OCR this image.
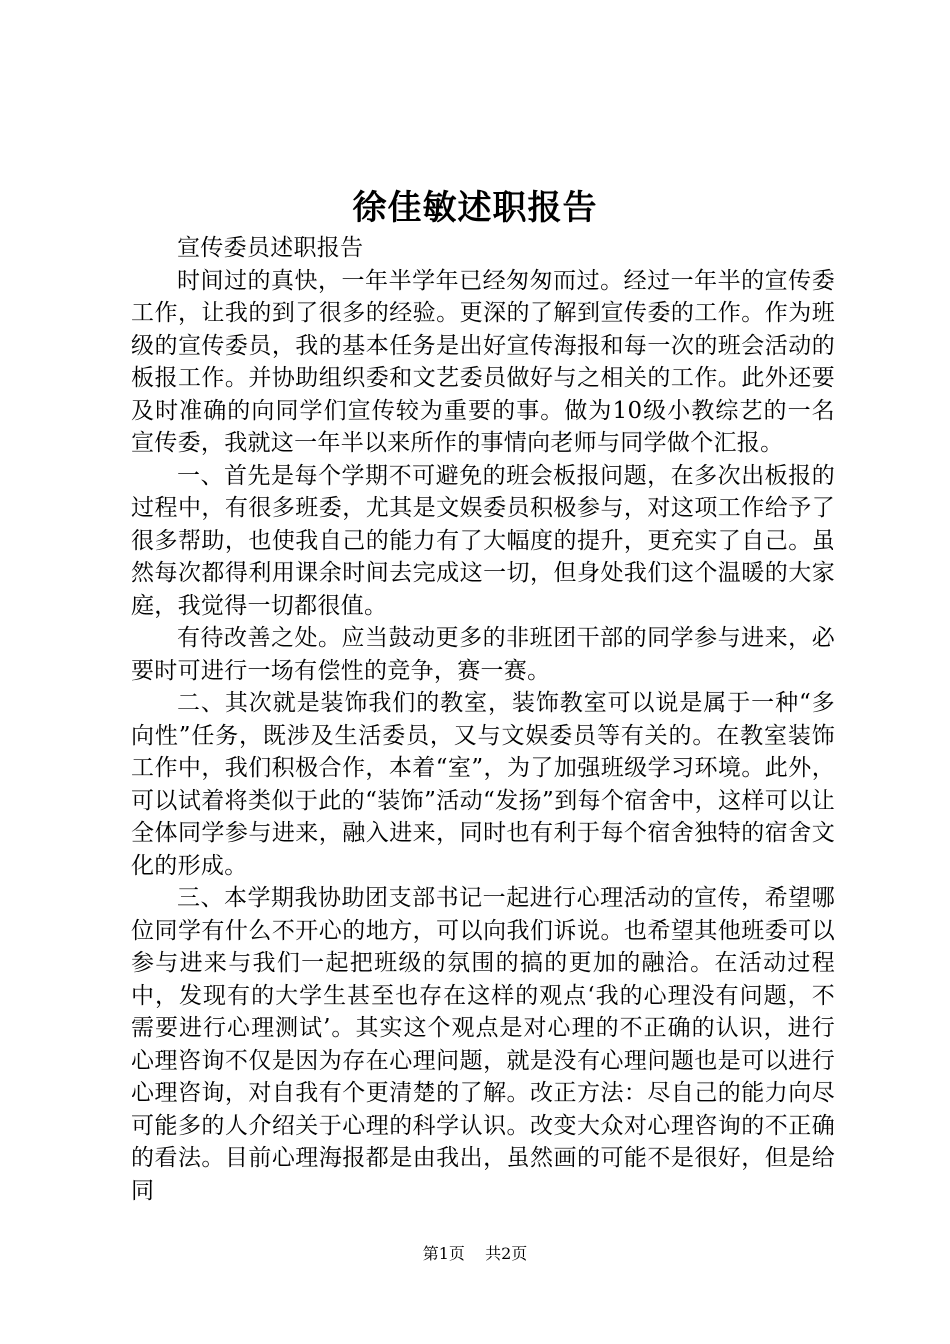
徐佳敏述职报告

宣传委员述职报告

时间过的真快，一年半学年已经匆匆而过。经过一年半的宣传委工作，让我的到了很多的经验。更深的了解到宣传委的工作。作为班级的宣传委员，我的基本任务是出好宣传海报和每一次的班会活动的板报工作。并协助组织委和文艺委员做好与之相关的工作。此外还要及时准确的向同学们宣传较为重要的事。做为10级小教综艺的一名宣传委，我就这一年半以来所作的事情向老师与同学做个汇报。

一、首先是每个学期不可避免的班会板报问题，在多次出板报的过程中，有很多班委，尤其是文娱委员积极参与，对这项工作给予了很多帮助，也使我自己的能力有了大幅度的提升，更充实了自己。虽然每次都得利用课余时间去完成这一切，但身处我们这个温暖的大家庭，我觉得一切都很值。

有待改善之处。应当鼓动更多的非班团干部的同学参与进来，必要时可进行一场有偿性的竞争，赛一赛。

二、其次就是装饰我们的教室，装饰教室可以说是属于一种“多向性”任务，既涉及生活委员，又与文娱委员等有关的。在教室装饰工作中，我们积极合作，本着“室”，为了加强班级学习环境。此外，可以试着将类似于此的“装饰”活动“发扬”到每个宿舍中，这样可以让全体同学参与进来，融入进来，同时也有利于每个宿舍独特的宿舍文化的形成。

三、本学期我协助团支部书记一起进行心理活动的宣传，希望哪位同学有什么不开心的地方，可以向我们诉说。也希望其他班委可以参与进来与我们一起把班级的氛围的搞的更加的融洽。在活动过程中，发现有的大学生甚至也存在这样的观点‘我的心理没有问题，不需要进行心理测试’。其实这个观点是对心理的不正确的认识，进行心理咨询不仅是因为存在心理问题，就是没有心理问题也是可以进行心理咨询，对自我有个更清楚的了解。改正方法：尽自己的能力向尽可能多的人介绍关于心理的科学认识。改变大众对心理咨询的不正确的看法。目前心理海报都是由我出，虽然画的可能不是很好，但是给同

第1页 共2页
